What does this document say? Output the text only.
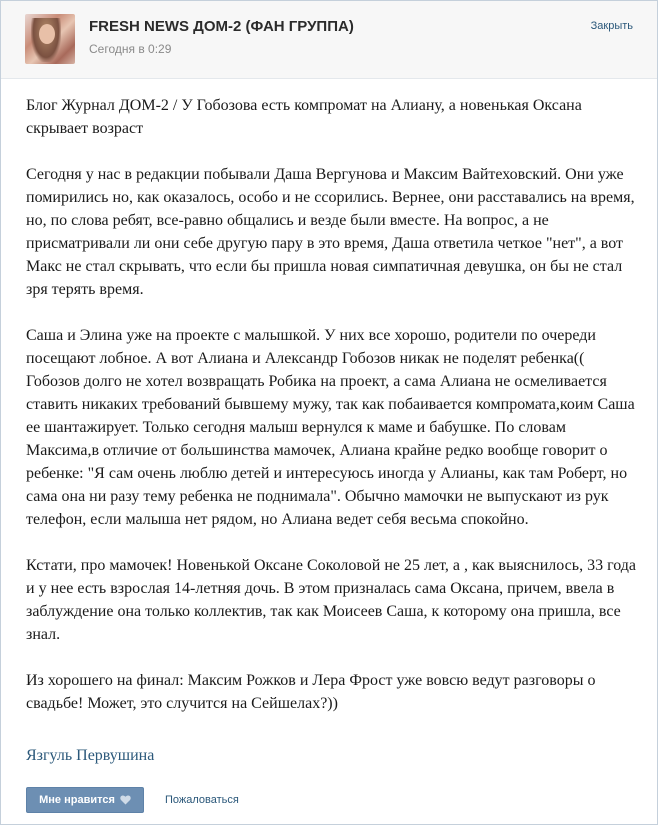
FRESH NEWS ДОМ-2 (ФАН ГРУППА)
Сегодня в 0:29
Закрыть

Блог Журнал ДОМ-2 / У Гобозова есть компромат на Алиану, а новенькая Оксана скрывает возраст

Сегодня у нас в редакции побывали Даша Вергунова и Максим Вайтеховский. Они уже помирились но, как оказалось, особо и не ссорились. Вернее, они расставались на время, но, по слова ребят, все-равно общались и везде были вместе. На вопрос, а не присматривали ли они себе другую пару в это время, Даша ответила четкое "нет", а вот Макс не стал скрывать, что если бы пришла новая симпатичная девушка, он бы не стал зря терять время.

Саша и Элина уже на проекте с малышкой. У них все хорошо, родители по очереди посещают лобное. А вот Алиана и Александр Гобозов никак не поделят ребенка(( Гобозов долго не хотел возвращать Робика на проект, а сама Алиана не осмеливается ставить никаких требований бывшему мужу, так как побаивается компромата,коим Саша ее шантажирует. Только сегодня малыш вернулся к маме и бабушке. По словам Максима,в отличие от большинства мамочек, Алиана крайне редко вообще говорит о ребенке: "Я сам очень люблю детей и интересуюсь иногда у Алианы, как там Роберт, но сама она ни разу тему ребенка не поднимала". Обычно мамочки не выпускают из рук телефон, если малыша нет рядом, но Алиана ведет себя весьма спокойно.

Кстати, про мамочек! Новенькой Оксане Соколовой не 25 лет, а , как выяснилось, 33 года и у нее есть взрослая 14-летняя дочь. В этом призналась сама Оксана, причем, ввела в заблуждение она только коллектив, так как Моисеев Саша, к которому она пришла, все знал.

Из хорошего на финал: Максим Рожков и Лера Фрост уже вовсю ведут разговоры о свадьбе! Может, это случится на Сейшелах?))

Язгуль Первушина
Мне нравится	Пожаловаться
